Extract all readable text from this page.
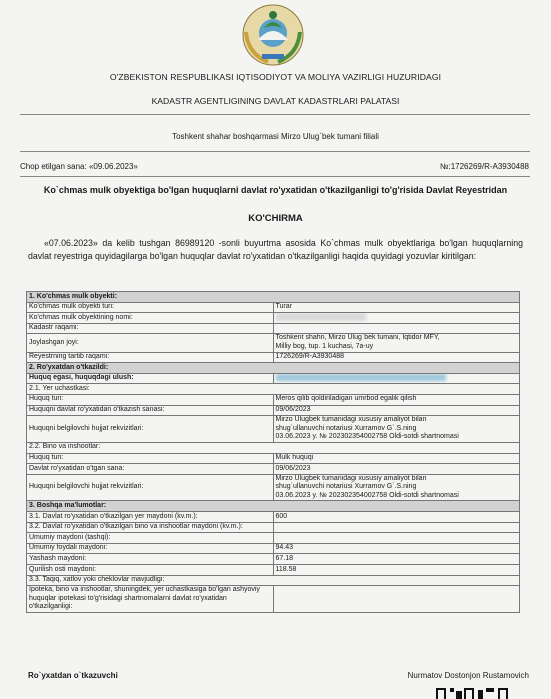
O'ZBEKISTON RESPUBLIKASI IQTISODIYOT VA MOLIYA VAZIRLIGI HUZURIDAGI
KADASTR AGENTLIGINING DAVLAT KADASTRLARI PALATASI
Toshkent shahar boshqarmasi Mirzo Ulug`bek tumani filiali
Chop etilgan sana: «09.06.2023»	№:1726269/R-A3930488
Ko`chmas mulk obyektiga bo'lgan huquqlarni davlat ro'yxatidan o'tkazilganligi to'g'risida Davlat Reyestridan
KO'CHIRMA
«07.06.2023» da kelib tushgan 86989120 -sonli buyurtma asosida Ko`chmas mulk obyektlariga bo'lgan huquqlarning davlat reyestriga quyidagilarga bo'lgan huquqlar davlat ro'yxatidan o'tkazilganligi haqida quyidagi yozuvlar kiritilgan:
1. Ko'chmas mulk obyekti:	
Ko'chmas mulk obyekti turi:	Turar
Ko'chmas mulk obyektining nomi:	
Kadastr raqami:	
Joylashgan joyi:	Toshkent shahri, Mirzo Ulug`bek tumani, Iqtidor MFY,
Milliy bog, tup. 1 kuchasi, 7a-uy

Reyestrning tartib raqami:	1726269/R-A3930488
2. Ro'yxatdan o'tkazildi:	
Huquq egasi, huquqdagi ulush:	
2.1. Yer uchastkasi:	
Huquq turi:	Meros qilib qoldiriladigan umrbod egalik qilish
Huquqni davlat ro'yxatidan o'tkazish sanasi:	09/06/2023
Huquqni belgilovchi hujjat rekvizitlari:	Mirzo Ulugbek tumanidagi xususiy amaliyot bilan
shug`ullanuvchi notariusi Xurramov G`.S.ning
03.06.2023 y. № 202302354002758 Oldi-sotdi shartnomasi

2.2. Bino va inshootlar:	
Huquq turi:	Mulk huquqi
Davlat ro'yxatidan o'tgan sana:	09/06/2023
Huquqni belgilovchi hujjat rekvizitlari:	Mirzo Ulugbek tumanidagi xususiy amaliyot bilan
shug`ullanuvchi notariusi Xurramov G`.S.ning
03.06.2023 y. № 202302354002758 Oldi-sotdi shartnomasi

3. Boshqa ma'lumotlar:	
3.1. Davlat ro'yxatidan o'tkazilgan yer maydoni (kv.m.):	600
3.2. Davlat ro'yxatidan o'tkazilgan bino va inshootlar maydoni (kv.m.):	
Umumiy maydoni (tashqi):	
Umumiy foydali maydoni:	94.43
Yashash maydoni:	67.18
Qurilish osti maydoni:	118.58
3.3. Taqiq, xatlov yoki cheklovlar mavjudligi:	

Ipoteka, bino va inshootlar, shuningdek, yer uchastkasiga bo'lgan ashyoviy
huquqlar ipotekasi to'g'risidagi shartnomalarni davlat ro'yxatidan
o'tkazilganligi:	

Ro`yxatdan o`tkazuvchi	Nurmatov Dostonjon Rustamovich
